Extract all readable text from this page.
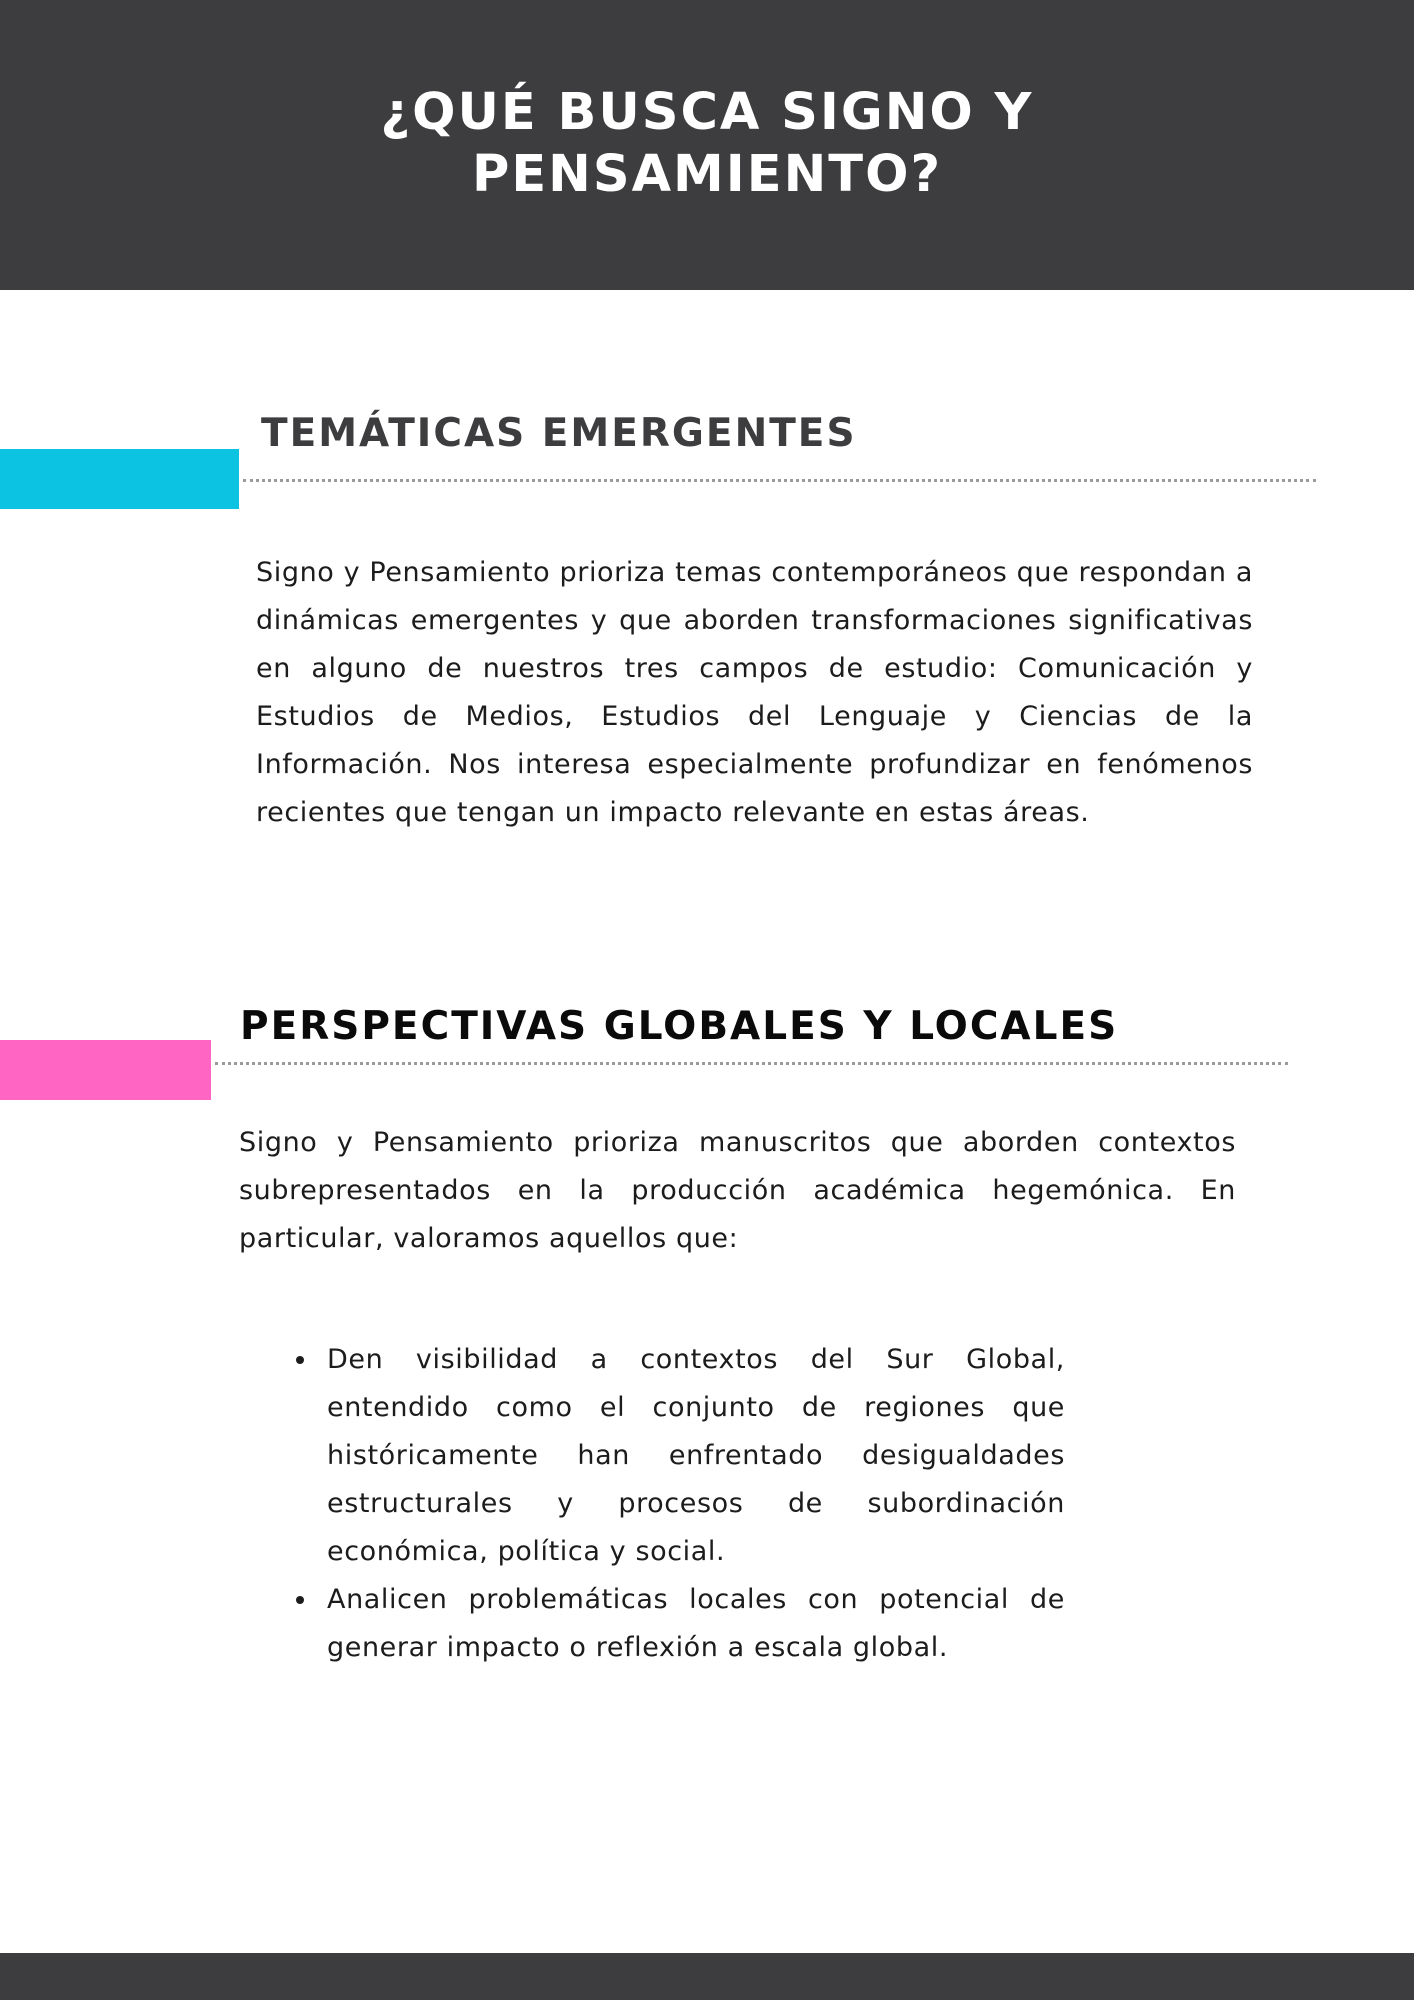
¿QUÉ BUSCA SIGNO Y
PENSAMIENTO?
TEMÁTICAS EMERGENTES

Signo y Pensamiento prioriza temas contemporáneos que respondan a dinámicas emergentes y que aborden transformaciones significativas en alguno de nuestros tres campos de estudio: Comunicación y Estudios de Medios, Estudios del Lenguaje y Ciencias de la Información. Nos interesa especialmente profundizar en fenómenos recientes que tengan un impacto relevante en estas áreas.

PERSPECTIVAS GLOBALES Y LOCALES

Signo y Pensamiento prioriza manuscritos que aborden contextos subrepresentados en la producción académica hegemónica. En particular, valoramos aquellos que:

Den visibilidad a contextos del Sur Global, entendido como el conjunto de regiones que históricamente han enfrentado desigualdades estructurales y procesos de subordinación económica, política y social.
Analicen problemáticas locales con potencial de generar impacto o reflexión a escala global.
